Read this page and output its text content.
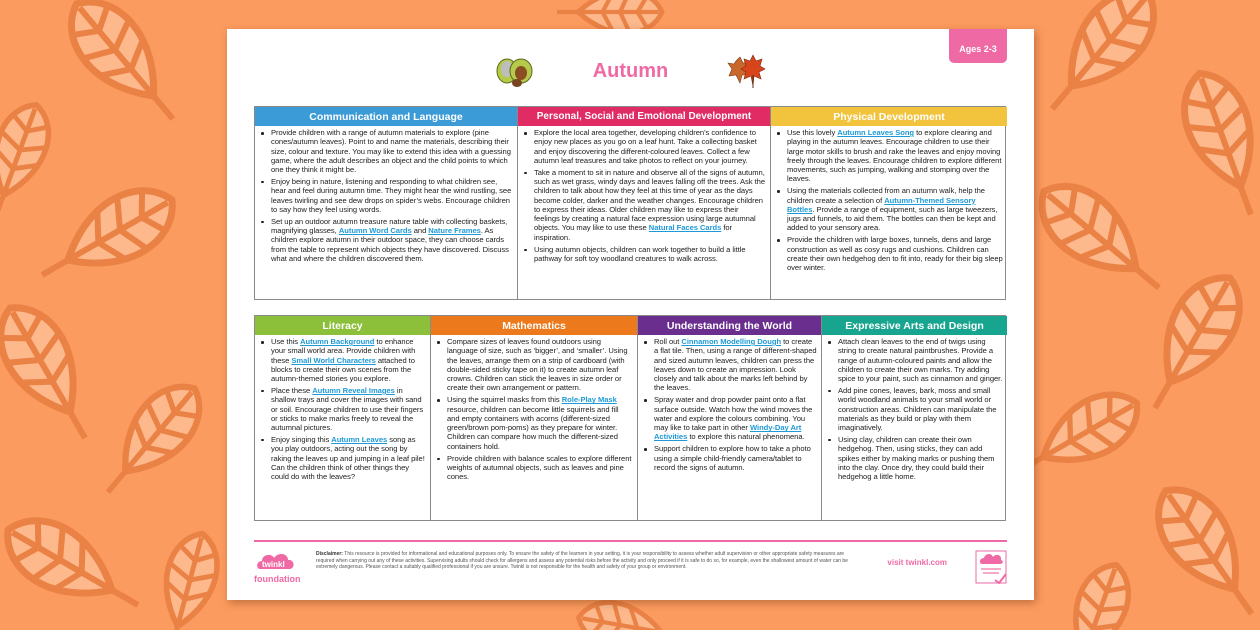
Ages 2-3
Autumn
Communication and Language
Provide children with a range of autumn materials to explore (pine cones/autumn leaves). Point to and name the materials, describing their size, colour and texture. You may like to extend this idea with a guessing game, where the adult describes an object and the child points to which one they think it might be.
Enjoy being in nature, listening and responding to what children see, hear and feel during autumn time. They might hear the wind rustling, see leaves twirling and see dew drops on spider’s webs. Encourage children to say how they feel using words.
Set up an outdoor autumn treasure nature table with collecting baskets, magnifying glasses, Autumn Word Cards and Nature Frames. As children explore autumn in their outdoor space, they can choose cards from the table to represent which objects they have discovered. Discuss what and where the children discovered them.
Personal, Social and Emotional Development
Explore the local area together, developing children’s confidence to enjoy new places as you go on a leaf hunt. Take a collecting basket and enjoy discovering the different-coloured leaves. Collect a few autumn leaf treasures and take photos to reflect on your journey.
Take a moment to sit in nature and observe all of the signs of autumn, such as wet grass, windy days and leaves falling off the trees. Ask the children to talk about how they feel at this time of year as the days become colder, darker and the weather changes. Encourage children to express their ideas. Older children may like to express their feelings by creating a natural face expression using large autumnal objects. You may like to use these Natural Faces Cards for inspiration.
Using autumn objects, children can work together to build a little pathway for soft toy woodland creatures to walk across.
Physical Development
Use this lovely Autumn Leaves Song to explore clearing and playing in the autumn leaves. Encourage children to use their large motor skills to brush and rake the leaves and enjoy moving freely through the leaves. Encourage children to explore different movements, such as jumping, walking and stomping over the leaves.
Using the materials collected from an autumn walk, help the children create a selection of Autumn-Themed Sensory Bottles. Provide a range of equipment, such as large tweezers, jugs and funnels, to aid them. The bottles can then be kept and added to your sensory area.
Provide the children with large boxes, tunnels, dens and large construction as well as cosy rugs and cushions. Children can create their own hedgehog den to fit into, ready for their big sleep over winter.
Literacy
Use this Autumn Background to enhance your small world area. Provide children with these Small World Characters attached to blocks to create their own scenes from the autumn-themed stories you explore.
Place these Autumn Reveal Images in shallow trays and cover the images with sand or soil. Encourage children to use their fingers or sticks to make marks freely to reveal the autumnal pictures.
Enjoy singing this Autumn Leaves song as you play outdoors, acting out the song by raking the leaves up and jumping in a leaf pile! Can the children think of other things they could do with the leaves?
Mathematics
Compare sizes of leaves found outdoors using language of size, such as ‘bigger’, and ‘smaller’. Using the leaves, arrange them on a strip of cardboard (with double-sided sticky tape on it) to create autumn leaf crowns. Children can stick the leaves in size order or create their own arrangement or pattern.
Using the squirrel masks from this Role-Play Mask resource, children can become little squirrels and fill and empty containers with acorns (different-sized green/brown pom-poms) as they prepare for winter. Children can compare how much the different-sized containers hold.
Provide children with balance scales to explore different weights of autumnal objects, such as leaves and pine cones.
Understanding the World
Roll out Cinnamon Modelling Dough to create a flat tile. Then, using a range of different-shaped and sized autumn leaves, children can press the leaves down to create an impression. Look closely and talk about the marks left behind by the leaves.
Spray water and drop powder paint onto a flat surface outside. Watch how the wind moves the water and explore the colours combining. You may like to take part in other Windy-Day Art Activities to explore this natural phenomena.
Support children to explore how to take a photo using a simple child-friendly camera/tablet to record the signs of autumn.
Expressive Arts and Design
Attach clean leaves to the end of twigs using string to create natural paintbrushes. Provide a range of autumn-coloured paints and allow the children to create their own marks. Try adding spice to your paint, such as cinnamon and ginger.
Add pine cones, leaves, bark, moss and small world woodland animals to your small world or construction areas. Children can manipulate the materials as they build or play with them imaginatively.
Using clay, children can create their own hedgehog. Then, using sticks, they can add spikes either by making marks or pushing them into the clay. Once dry, they could build their hedgehog a little home.
twinkl
foundation
Disclaimer: This resource is provided for informational and educational purposes only. To ensure the safety of the learners in your setting, it is your responsibility to assess whether adult supervision or other appropriate safety measures are required when carrying out any of these activities. Supervising adults should check for allergens and assess any potential risks before the activity and only proceed if it is safe to do so, for example, even the shallowest amount of water can be extremely dangerous. Please contact a suitably qualified professional if you are unsure. Twinkl is not responsible for the health and safety of your group or environment.
visit twinkl.com
